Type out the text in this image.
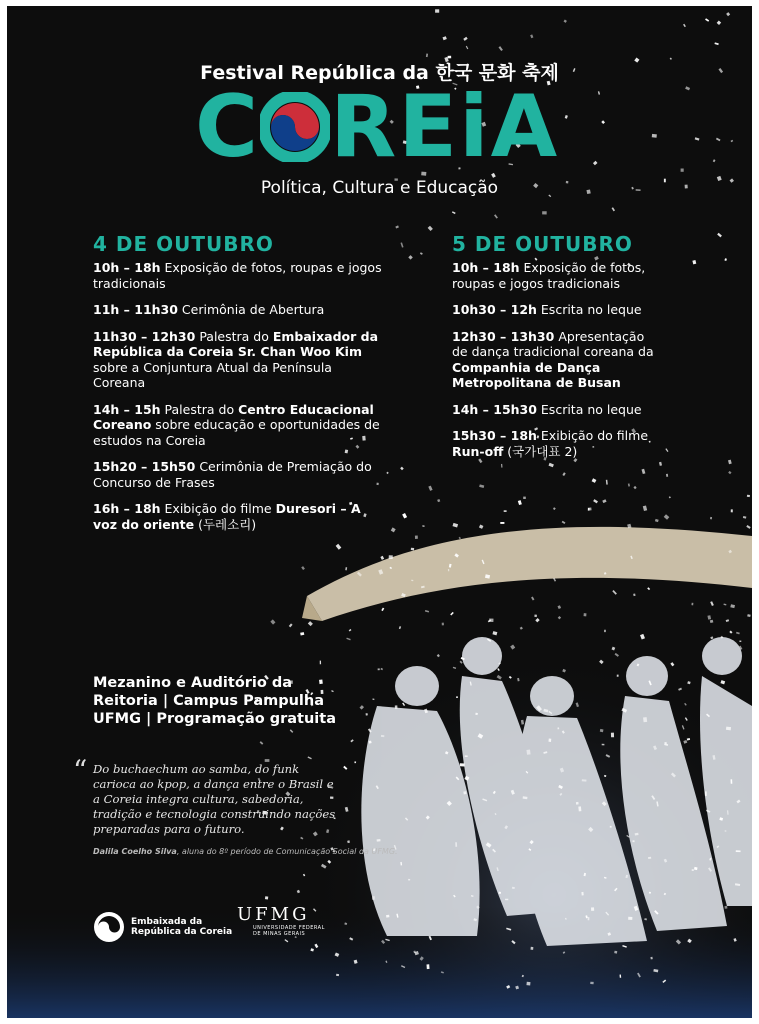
Festival República da 한국 문화 축제
C REiA
Política, Cultura e Educação
4 DE OUTUBRO
10h – 18h Exposição de fotos, roupas e jogos tradicionais
11h – 11h30 Cerimônia de Abertura
11h30 – 12h30 Palestra do Embaixador da República da Coreia Sr. Chan Woo Kim sobre a Conjuntura Atual da Península Coreana
14h – 15h Palestra do Centro Educacional Coreano sobre educação e oportunidades de estudos na Coreia
15h20 – 15h50 Cerimônia de Premiação do Concurso de Frases
16h – 18h Exibição do filme Duresori – A voz do oriente (두레소리)
5 DE OUTUBRO
10h – 18h Exposição de fotos, roupas e jogos tradicionais
10h30 – 12h Escrita no leque
12h30 – 13h30 Apresentação de dança tradicional coreana da Companhia de Dança Metropolitana de Busan
14h – 15h30 Escrita no leque
15h30 – 18h Exibição do filme Run-off (국가대표 2)
Mezanino e Auditório da
Reitoria | Campus Pampulha
UFMG | Programação gratuita
“ Do buchaechum ao samba, do funk carioca ao kpop, a dança entre o Brasil e a Coreia integra cultura, sabedoria, tradição e tecnologia construindo nações preparadas para o futuro.
Dalila Coelho Silva, aluna do 8º período de Comunicação Social da UFMG.
Embaixada da
República da Coreia
UFMG
UNIVERSIDADE FEDERAL
DE MINAS GERAIS
